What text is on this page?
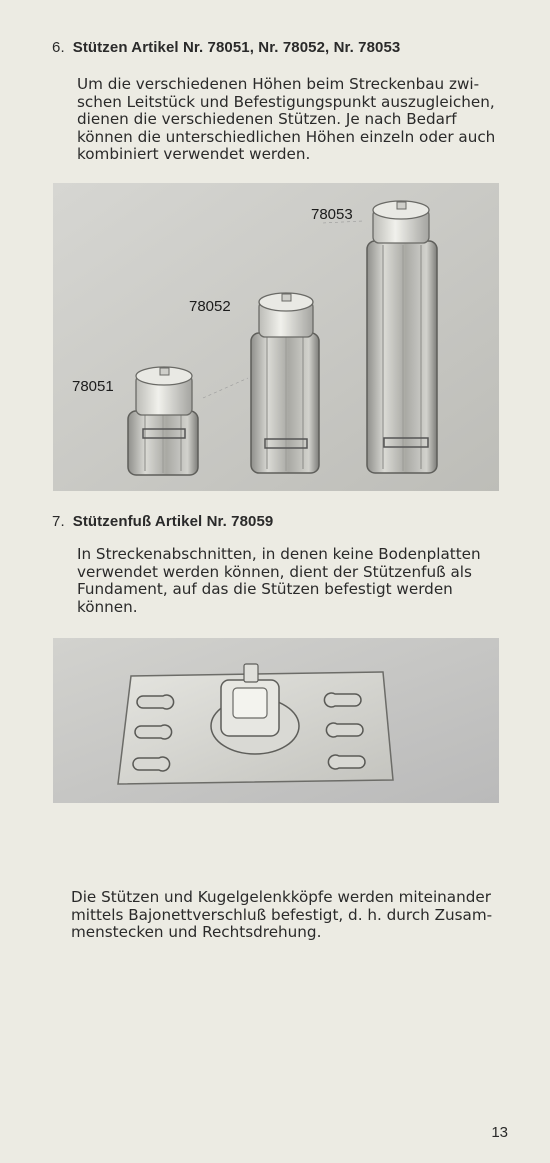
6. Stützen Artikel Nr. 78051, Nr. 78052, Nr. 78053
Um die verschiedenen Höhen beim Streckenbau zwi-
schen Leitstück und Befestigungspunkt auszugleichen,
dienen die verschiedenen Stützen. Je nach Bedarf
können die unterschiedlichen Höhen einzeln oder auch
kombiniert verwendet werden.
78053
78052
78051
7. Stützenfuß Artikel Nr. 78059
In Streckenabschnitten, in denen keine Bodenplatten
verwendet werden können, dient der Stützenfuß als
Fundament, auf das die Stützen befestigt werden
können.
Die Stützen und Kugelgelenkköpfe werden miteinander
mittels Bajonettverschluß befestigt, d. h. durch Zusam-
menstecken und Rechtsdrehung.
13
